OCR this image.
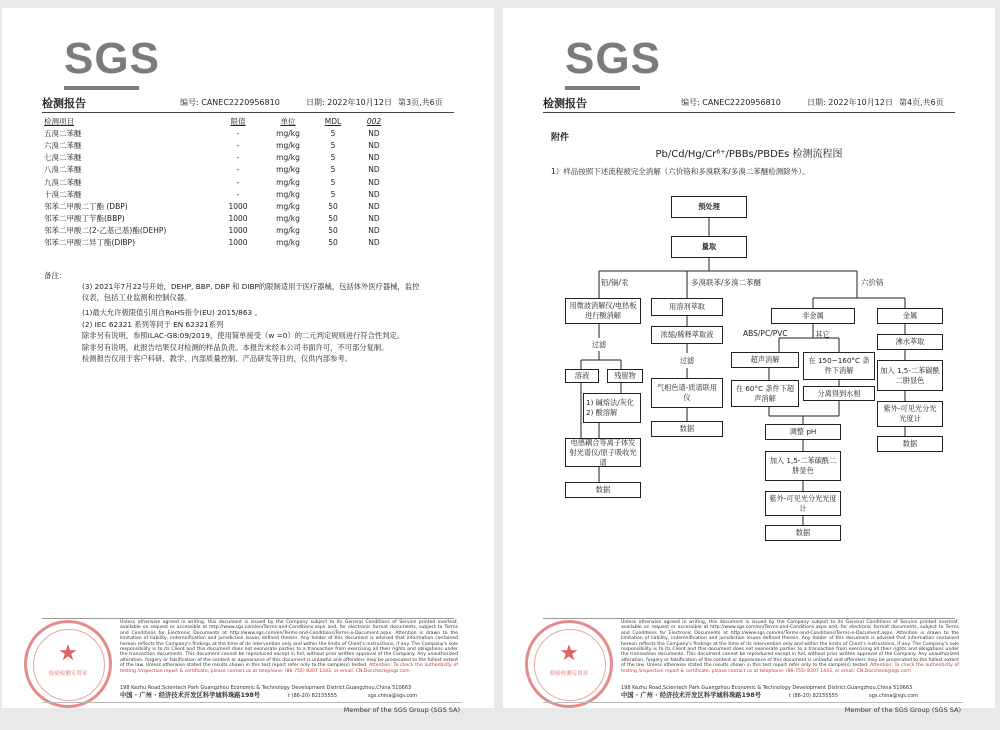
SGS
检测报告	编号: CANEC2220956810	日期: 2022年10月12日 第3页,共6页
检测项目	限值	单位	MDL	002
五溴二苯醚	-	mg/kg	5	ND
六溴二苯醚	-	mg/kg	5	ND
七溴二苯醚	-	mg/kg	5	ND
八溴二苯醚	-	mg/kg	5	ND
九溴二苯醚	-	mg/kg	5	ND
十溴二苯醚	-	mg/kg	5	ND
邻苯二甲酸二丁酯 (DBP)	1000	mg/kg	50	ND
邻苯二甲酸丁苄酯(BBP)	1000	mg/kg	50	ND
邻苯二甲酸二(2-乙基己基)酯(DEHP)	1000	mg/kg	50	ND
邻苯二甲酸二异丁酯(DIBP)	1000	mg/kg	50	ND
备注：
(3) 2021年7月22号开始，DEHP, BBP, DBP 和 DIBP的限制适用于医疗器械，包括体外医疗器械，监控仪表，包括工业监测和控制仪器。
(1)最大允许极限值引用自RoHS指令(EU) 2015/863 。
(2) IEC 62321 系列等同于 EN 62321系列
除非另有说明，参照ILAC-G8:09/2019，使用简单接受（w =0）的二元判定规则进行符合性判定。
除非另有说明，此报告结果仅对检测的样品负责。本报告未经本公司书面许可，不可部分复制。
检测报告仅用于客户科研、教学、内部质量控制、产品研发等目的，仅供内部参考。
★
检验检测专用章
Unless otherwise agreed in writing, this document is issued by the Company subject to its General Conditions of Service printed overleaf, available on request or accessible at http://www.sgs.com/en/Terms-and-Conditions.aspx and, for electronic format documents, subject to Terms and Conditions for Electronic Documents at http://www.sgs.com/en/Terms-and-Conditions/Terms-e-Document.aspx. Attention is drawn to the limitation of liability, indemnification and jurisdiction issues defined therein. Any holder of this document is advised that information contained hereon reflects the Company's findings at the time of its intervention only and within the limits of Client's instructions, if any. The Company's sole responsibility is to its Client and this document does not exonerate parties to a transaction from exercising all their rights and obligations under the transaction documents. This document cannot be reproduced except in full, without prior written approval of the Company. Any unauthorized alteration, forgery or falsification of the content or appearance of this document is unlawful and offenders may be prosecuted to the fullest extent of the law. Unless otherwise stated the results shown in this test report refer only to the sample(s) tested. Attention: To check the authenticity of testing /inspection report & certificate, please contact us at telephone: (86-755) 8307 1443, or email: CN.Doccheck@sgs.com
198 Kezhu Road,Scientech Park Guangzhou Economic & Technology Development District,Guangzhou,China 510663
中国 · 广州 · 经济技术开发区科学城科珠路198号	t (86-20) 82155555	sgs.china@sgs.com
Member of the SGS Group (SGS SA)
SGS
检测报告	编号: CANEC2220956810	日期: 2022年10月12日 第4页,共6页
附件
Pb/Cd/Hg/Cr⁶⁺/PBBs/PBDEs 检测流程图
1）样品按照下述流程被完全消解（六价铬和多溴联苯/多溴二苯醚检测除外）。
预处理
量取
铅/镉/汞	多溴联苯/多溴二苯醚	六价铬
用微波消解仪/电热板进行酸消解
过滤
溶液	残留物
1) 碱熔法/灰化 2) 酸溶解
电感耦合等离子体发射光谱仪/原子吸收光谱
数据
用溶剂萃取
浓缩/稀释萃取液
过滤
气相色谱-质谱联用仪
数据
非金属
ABS/PC/PVC	其它
超声消解	在 150~160°C 条件下消解
在 60°C 条件下超声消解
分离得到水相
调整 pH
加入 1,5-二苯碳酰二肼显色
紫外-可见光分光光度计
数据
金属
沸水萃取
加入 1,5-二苯碳酰二肼显色
紫外-可见光分光光度计
数据
★
检验检测专用章
Unless otherwise agreed in writing, this document is issued by the Company subject to its General Conditions of Service printed overleaf, available on request or accessible at http://www.sgs.com/en/Terms-and-Conditions.aspx and, for electronic format documents, subject to Terms and Conditions for Electronic Documents at http://www.sgs.com/en/Terms-and-Conditions/Terms-e-Document.aspx. Attention is drawn to the limitation of liability, indemnification and jurisdiction issues defined therein. Any holder of this document is advised that information contained hereon reflects the Company's findings at the time of its intervention only and within the limits of Client's instructions, if any. The Company's sole responsibility is to its Client and this document does not exonerate parties to a transaction from exercising all their rights and obligations under the transaction documents. This document cannot be reproduced except in full, without prior written approval of the Company. Any unauthorized alteration, forgery or falsification of the content or appearance of this document is unlawful and offenders may be prosecuted to the fullest extent of the law. Unless otherwise stated the results shown in this test report refer only to the sample(s) tested. Attention: To check the authenticity of testing /inspection report & certificate, please contact us at telephone: (86-755) 8307 1443, or email: CN.Doccheck@sgs.com
198 Kezhu Road,Scientech Park Guangzhou Economic & Technology Development District,Guangzhou,China 510663
中国 · 广州 · 经济技术开发区科学城科珠路198号	t (86-20) 82155555	sgs.china@sgs.com
Member of the SGS Group (SGS SA)
